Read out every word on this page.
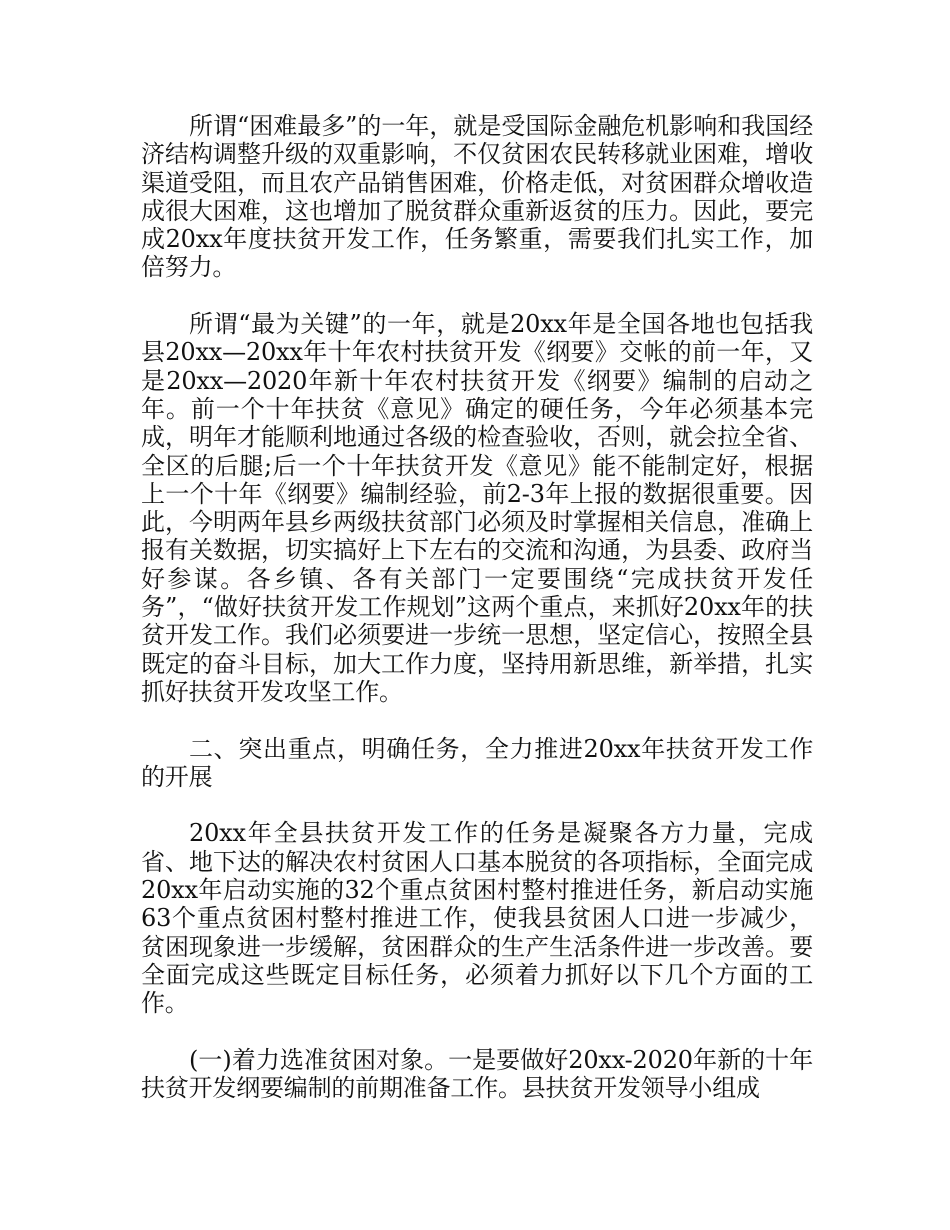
所谓“困难最多”的一年，就是受国际金融危机影响和我国经济结构调整升级的双重影响，不仅贫困农民转移就业困难，增收渠道受阻，而且农产品销售困难，价格走低，对贫困群众增收造成很大困难，这也增加了脱贫群众重新返贫的压力。因此，要完成20xx年度扶贫开发工作，任务繁重，需要我们扎实工作，加倍努力。

所谓“最为关键”的一年，就是20xx年是全国各地也包括我县20xx—20xx年十年农村扶贫开发《纲要》交帐的前一年，又是20xx—2020年新十年农村扶贫开发《纲要》编制的启动之年。前一个十年扶贫《意见》确定的硬任务，今年必须基本完成，明年才能顺利地通过各级的检查验收，否则，就会拉全省、全区的后腿;后一个十年扶贫开发《意见》能不能制定好，根据上一个十年《纲要》编制经验，前2-3年上报的数据很重要。因此，今明两年县乡两级扶贫部门必须及时掌握相关信息，准确上报有关数据，切实搞好上下左右的交流和沟通，为县委、政府当好参谋。各乡镇、各有关部门一定要围绕“完成扶贫开发任务”，“做好扶贫开发工作规划”这两个重点，来抓好20xx年的扶贫开发工作。我们必须要进一步统一思想，坚定信心，按照全县既定的奋斗目标，加大工作力度，坚持用新思维，新举措，扎实抓好扶贫开发攻坚工作。

二、突出重点，明确任务，全力推进20xx年扶贫开发工作的开展

20xx年全县扶贫开发工作的任务是凝聚各方力量，完成省、地下达的解决农村贫困人口基本脱贫的各项指标，全面完成20xx年启动实施的32个重点贫困村整村推进任务，新启动实施63个重点贫困村整村推进工作，使我县贫困人口进一步减少，贫困现象进一步缓解，贫困群众的生产生活条件进一步改善。要全面完成这些既定目标任务，必须着力抓好以下几个方面的工作。

(一)着力选准贫困对象。一是要做好20xx-2020年新的十年扶贫开发纲要编制的前期准备工作。县扶贫开发领导小组成
